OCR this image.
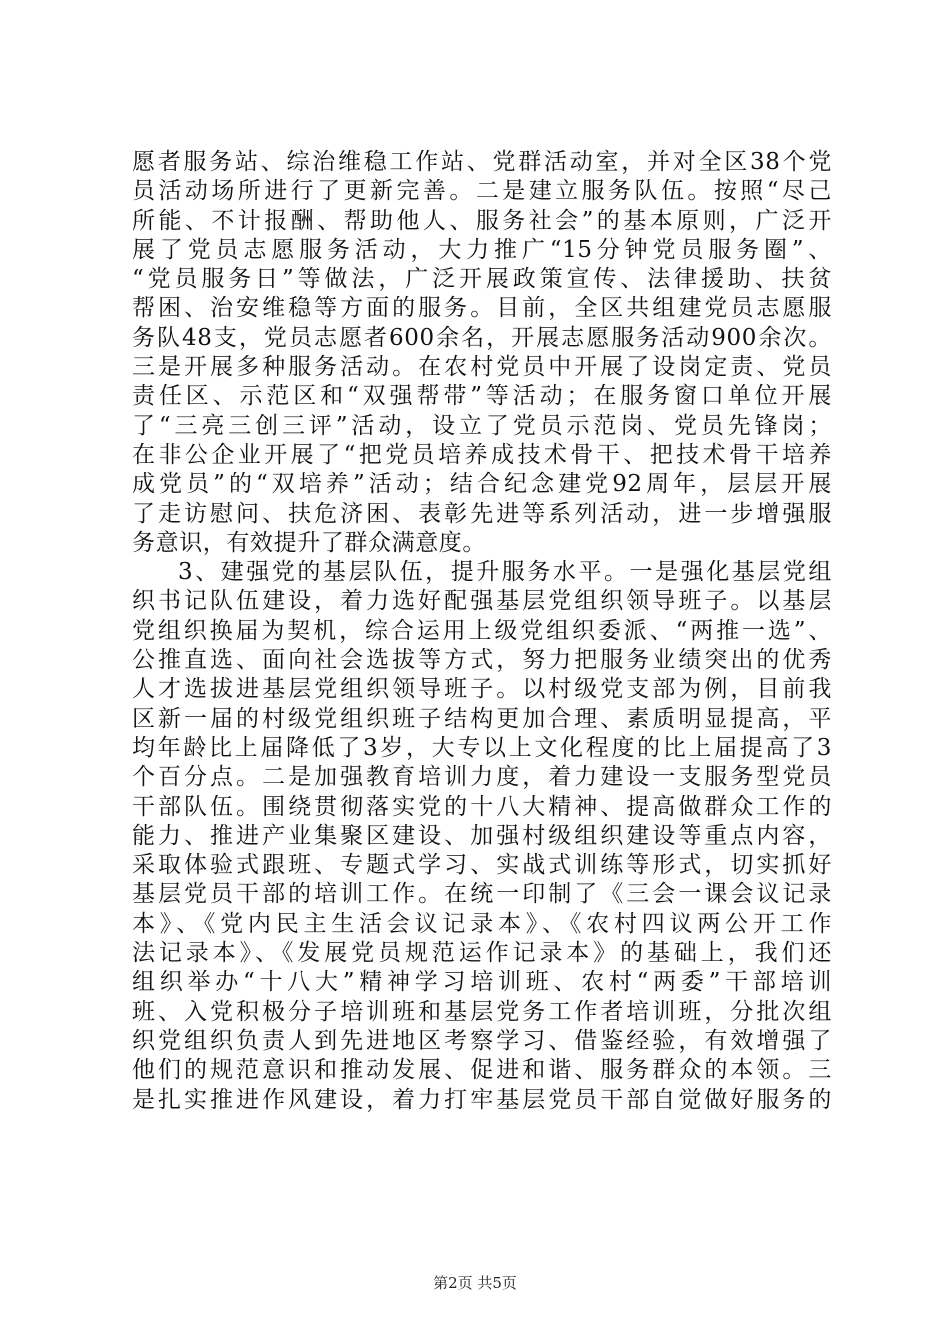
愿者服务站、综治维稳工作站、党群活动室，并对全区38个党
员活动场所进行了更新完善。二是建立服务队伍。按照“尽己
所能、不计报酬、帮助他人、服务社会”的基本原则，广泛开
展了党员志愿服务活动，大力推广“15分钟党员服务圈”、
“党员服务日”等做法，广泛开展政策宣传、法律援助、扶贫
帮困、治安维稳等方面的服务。目前，全区共组建党员志愿服
务队48支，党员志愿者600余名，开展志愿服务活动900余次。
三是开展多种服务活动。在农村党员中开展了设岗定责、党员
责任区、示范区和“双强帮带”等活动；在服务窗口单位开展
了“三亮三创三评”活动，设立了党员示范岗、党员先锋岗；
在非公企业开展了“把党员培养成技术骨干、把技术骨干培养
成党员”的“双培养”活动；结合纪念建党92周年，层层开展
了走访慰问、扶危济困、表彰先进等系列活动，进一步增强服
务意识，有效提升了群众满意度。
3、建强党的基层队伍，提升服务水平。一是强化基层党组
织书记队伍建设，着力选好配强基层党组织领导班子。以基层
党组织换届为契机，综合运用上级党组织委派、“两推一选”、
公推直选、面向社会选拔等方式，努力把服务业绩突出的优秀
人才选拔进基层党组织领导班子。以村级党支部为例，目前我
区新一届的村级党组织班子结构更加合理、素质明显提高，平
均年龄比上届降低了3岁，大专以上文化程度的比上届提高了3
个百分点。二是加强教育培训力度，着力建设一支服务型党员
干部队伍。围绕贯彻落实党的十八大精神、提高做群众工作的
能力、推进产业集聚区建设、加强村级组织建设等重点内容，
采取体验式跟班、专题式学习、实战式训练等形式，切实抓好
基层党员干部的培训工作。在统一印制了《三会一课会议记录
本》、《党内民主生活会议记录本》、《农村四议两公开工作
法记录本》、《发展党员规范运作记录本》的基础上，我们还
组织举办“十八大”精神学习培训班、农村“两委”干部培训
班、入党积极分子培训班和基层党务工作者培训班，分批次组
织党组织负责人到先进地区考察学习、借鉴经验，有效增强了
他们的规范意识和推动发展、促进和谐、服务群众的本领。三
是扎实推进作风建设，着力打牢基层党员干部自觉做好服务的
第2页 共5页
